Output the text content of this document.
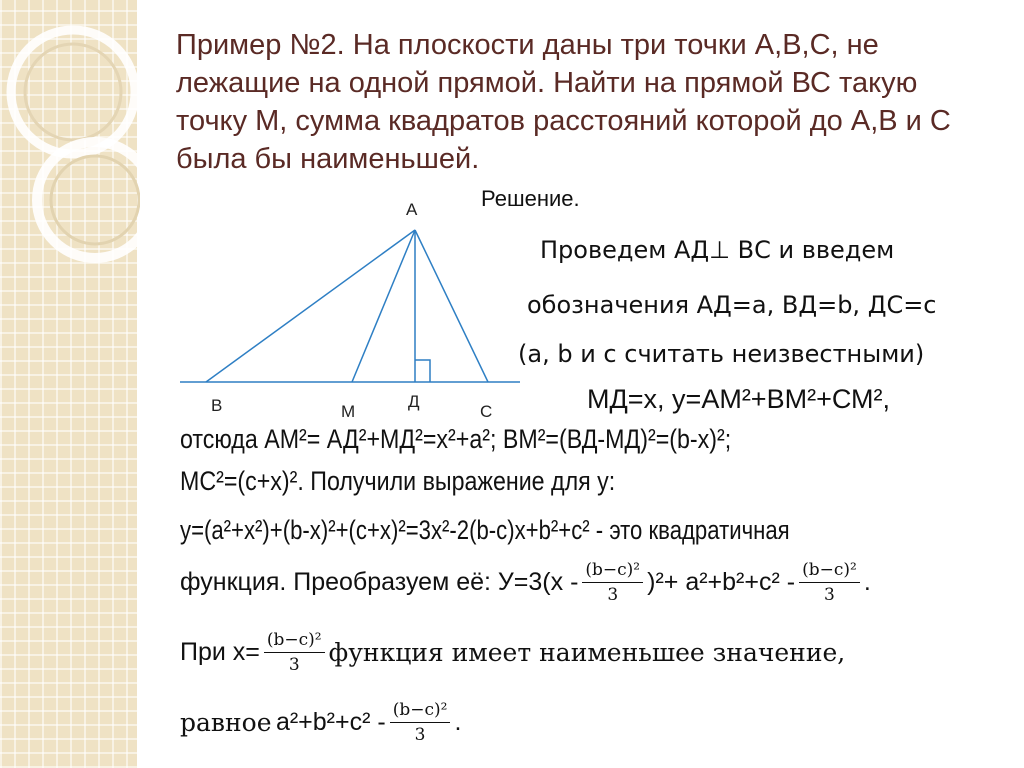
Пример №2. На плоскости даны три точки А,В,С, не лежащие на одной прямой. Найти на прямой ВС такую точку М, сумма квадратов расстояний которой до А,В и С была бы наименьшей.
А
В	М
Д
С
Решение.
Проведем АД⊥ ВС и введем
обозначения АД=а, ВД=b, ДС=с
(а, b и с считать неизвестными)
МД=х, у=АМ²+ВМ²+СМ²,
отсюда АМ²= АД²+МД²=х²+а²; ВМ²=(ВД-МД)²=(b-x)²;
MC²=(c+x)². Получили выражение для у:
y=(a²+x²)+(b-x)²+(c+x)²=3x²-2(b-c)x+b²+c² - это квадратичная
функция. Преобразуем её: $У=3(х - \frac{\text{(b−c)²}}{3} )^2+ a^2+b^2+c^2 - \frac{\text{(b−c)²}}{3}$ .
При $х= \frac{\text{(b−c)²}}{3}$ функция имеет наименьшее значение,
равное $a^2+b^2+c^2 - \frac{\text{(b−c)²}}{3}$ .
